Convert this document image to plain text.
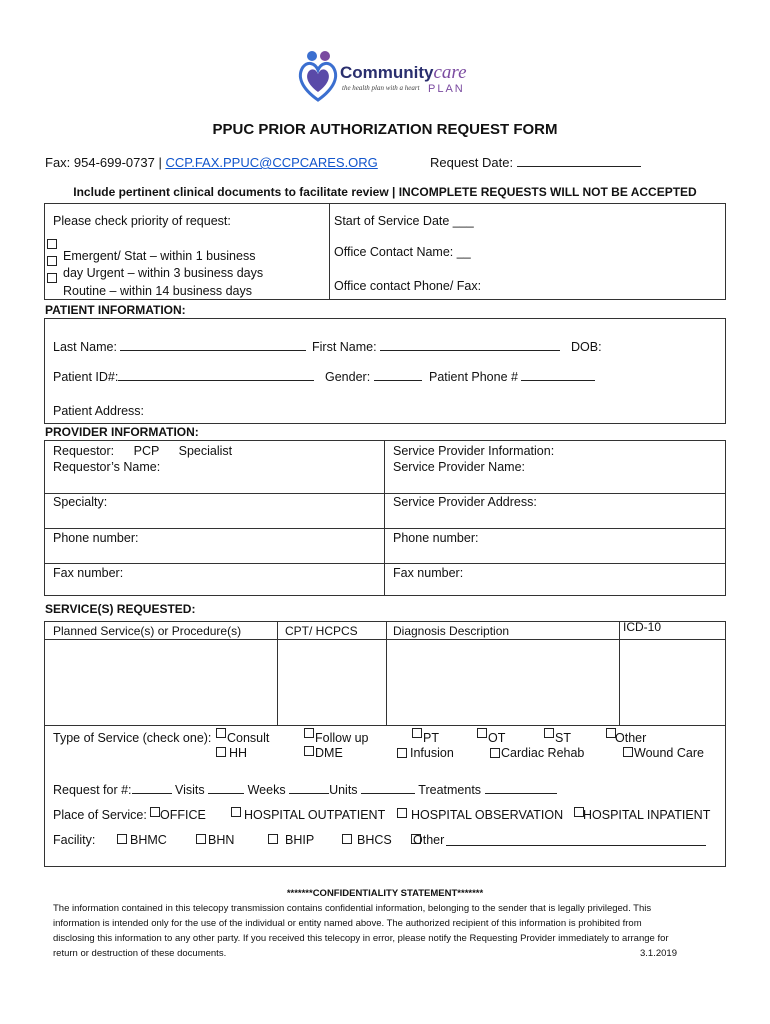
Communitycare
the health plan with a heart PLAN
PPUC PRIOR AUTHORIZATION REQUEST FORM
Fax: 954-699-0737 | CCP.FAX.PPUC@CCPCARES.ORG	Request Date:
Include pertinent clinical documents to facilitate review | INCOMPLETE REQUESTS WILL NOT BE ACCEPTED
Please check priority of request:
Emergent/ Stat – within 1 business
day Urgent – within 3 business days
Routine – within 14 business days
Start of Service Date ___
Office Contact Name: __
Office contact Phone/ Fax:
PATIENT INFORMATION:
Last Name:	First Name:	DOB:
Patient ID#:	Gender:	Patient Phone #
Patient Address:
PROVIDER INFORMATION:
Requestor: PCP Specialist
Requestor’s Name:
Service Provider Information:
Service Provider Name:
Specialty:	Service Provider Address:
Phone number:	Phone number:
Fax number:	Fax number:
SERVICE(S) REQUESTED:
Planned Service(s) or Procedure(s)	CPT/ HCPCS	Diagnosis Description	ICD-10
Type of Service (check one): Consult	Follow up	PT	OT	ST	Other
HH	DME	Infusion	Cardiac Rehab	Wound Care
Request for #:	Visits	Weeks	Units	Treatments
Place of Service: OFFICE	HOSPITAL OUTPATIENT HOSPITAL OBSERVATION HOSPITAL INPATIENT
Facility:	BHMC	BHN	BHIP	BHCS Other
*******CONFIDENTIALITY STATEMENT*******
The information contained in this telecopy transmission contains confidential information, belonging to the sender that is legally privileged. This
information is intended only for the use of the individual or entity named above. The authorized recipient of this information is prohibited from
disclosing this information to any other party. If you received this telecopy in error, please notify the Requesting Provider immediately to arrange for
return or destruction of these documents.	3.1.2019
